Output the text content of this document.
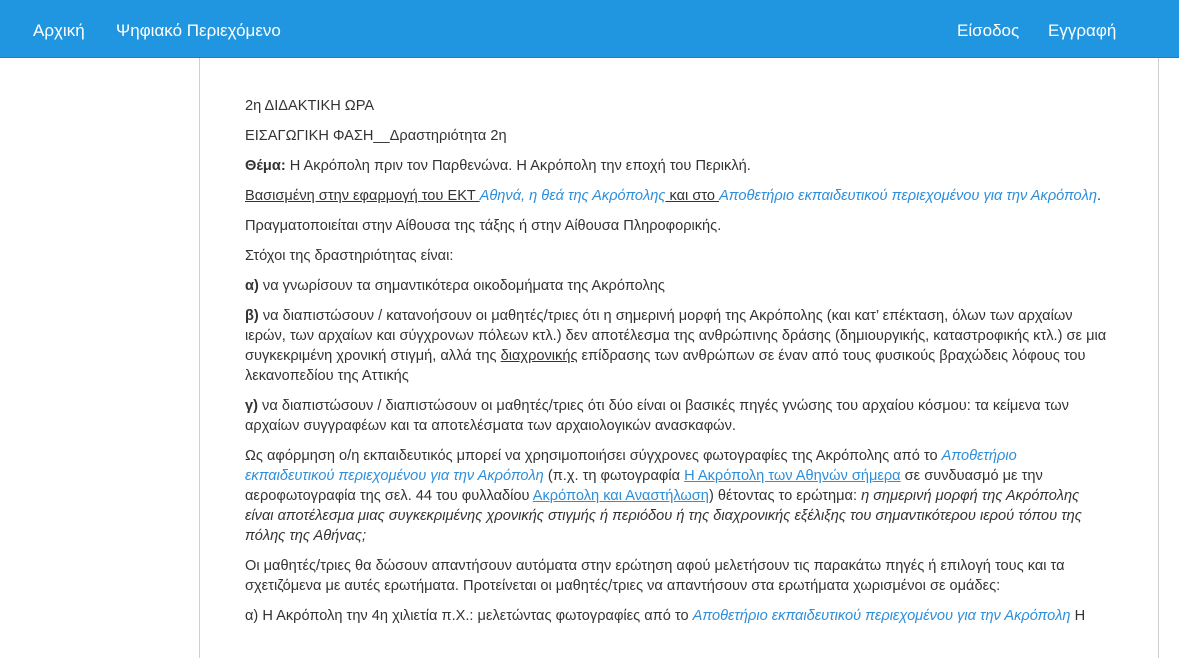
Αρχική Ψηφιακό Περιεχόμενο	Είσοδος Εγγραφή

2η ΔΙΔΑΚΤΙΚΗ ΩΡΑ

ΕΙΣΑΓΩΓΙΚΗ ΦΑΣΗ__Δραστηριότητα 2η

Θέμα: Η Ακρόπολη πριν τον Παρθενώνα. Η Ακρόπολη την εποχή του Περικλή.

Βασισμένη στην εφαρμογή του ΕΚΤ Αθηνά, η θεά της Ακρόπολης και στο Αποθετήριο εκπαιδευτικού περιεχομένου για την Ακρόπολη.

Πραγματοποιείται στην Αίθουσα της τάξης ή στην Αίθουσα Πληροφορικής.

Στόχοι της δραστηριότητας είναι:

α) να γνωρίσουν τα σημαντικότερα οικοδομήματα της Ακρόπολης

β) να διαπιστώσουν / κατανοήσουν οι μαθητές/τριες ότι η σημερινή μορφή της Ακρόπολης (και κατ’ επέκταση, όλων των αρχαίων ιερών, των αρχαίων και σύγχρονων πόλεων κτλ.) δεν αποτέλεσμα της ανθρώπινης δράσης (δημιουργικής, καταστροφικής κτλ.) σε μια συγκεκριμένη χρονική στιγμή, αλλά της διαχρονικής επίδρασης των ανθρώπων σε έναν από τους φυσικούς βραχώδεις λόφους του λεκανοπεδίου της Αττικής

γ) να διαπιστώσουν / διαπιστώσουν οι μαθητές/τριες ότι δύο είναι οι βασικές πηγές γνώσης του αρχαίου κόσμου: τα κείμενα των αρχαίων συγγραφέων και τα αποτελέσματα των αρχαιολογικών ανασκαφών.

Ως αφόρμηση ο/η εκπαιδευτικός μπορεί να χρησιμοποιήσει σύγχρονες φωτογραφίες της Ακρόπολης από το Αποθετήριο εκπαιδευτικού περιεχομένου για την Ακρόπολη (π.χ. τη φωτογραφία Η Ακρόπολη των Αθηνών σήμερα σε συνδυασμό με την αεροφωτογραφία της σελ. 44 του φυλλαδίου Ακρόπολη και Αναστήλωση) θέτοντας το ερώτημα: η σημερινή μορφή της Ακρόπολης είναι αποτέλεσμα μιας συγκεκριμένης χρονικής στιγμής ή περιόδου ή της διαχρονικής εξέλιξης του σημαντικότερου ιερού τόπου της πόλης της Αθήνας;

Οι μαθητές/τριες θα δώσουν απαντήσουν αυτόματα στην ερώτηση αφού μελετήσουν τις παρακάτω πηγές ή επιλογή τους και τα σχετιζόμενα με αυτές ερωτήματα. Προτείνεται οι μαθητές/τριες να απαντήσουν στα ερωτήματα χωρισμένοι σε ομάδες:

α) Η Ακρόπολη την 4η χιλιετία π.Χ.: μελετώντας φωτογραφίες από το Αποθετήριο εκπαιδευτικού περιεχομένου για την Ακρόπολη Η
